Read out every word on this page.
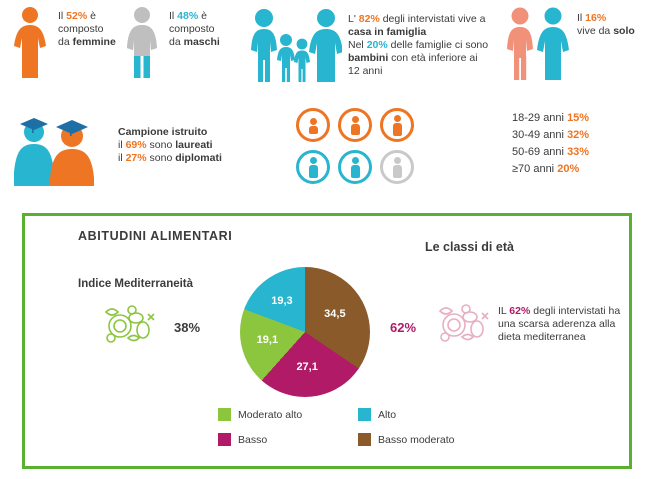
Il 52% è composto
da femmine
Il 48% è composto
da maschi
L' 82% degli intervistati vive a
casa in famiglia
Nel 20% delle famiglie ci sono
bambini con età inferiore ai
12 anni
Il 16%
vive da solo
Campione istruito
il 69% sono laureati
il 27% sono diplomati
Le classi di età
18-29 anni 15%
30-49 anni 32%
50-69 anni 33%
≥70 anni 20%
ABITUDINI ALIMENTARI
Indice Mediterraneità
38%
34,5
27,1
19,1
19,3
62%
IL 62% degli intervistati ha una scarsa aderenza alla dieta mediterranea
Moderato alto	Alto
Basso	Basso moderato
